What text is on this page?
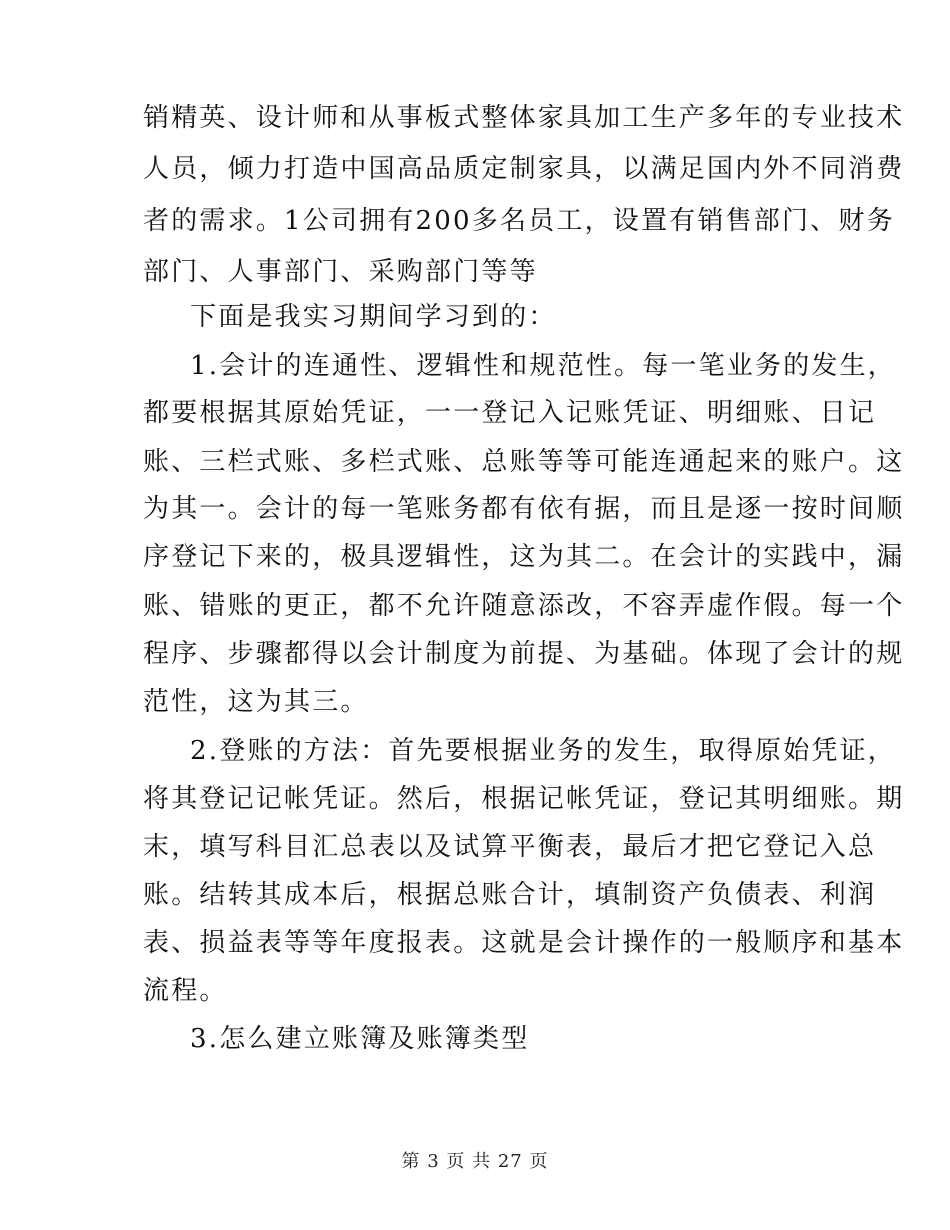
销精英、设计师和从事板式整体家具加工生产多年的专业技术
人员，倾力打造中国高品质定制家具，以满足国内外不同消费
者的需求。1公司拥有200多名员工，设置有销售部门、财务
部门、人事部门、采购部门等等
下面是我实习期间学习到的：
1.会计的连通性、逻辑性和规范性。每一笔业务的发生，
都要根据其原始凭证，一一登记入记账凭证、明细账、日记
账、三栏式账、多栏式账、总账等等可能连通起来的账户。这
为其一。会计的每一笔账务都有依有据，而且是逐一按时间顺
序登记下来的，极具逻辑性，这为其二。在会计的实践中，漏
账、错账的更正，都不允许随意添改，不容弄虚作假。每一个
程序、步骤都得以会计制度为前提、为基础。体现了会计的规
范性，这为其三。
2.登账的方法：首先要根据业务的发生，取得原始凭证，
将其登记记帐凭证。然后，根据记帐凭证，登记其明细账。期
末，填写科目汇总表以及试算平衡表，最后才把它登记入总
账。结转其成本后，根据总账合计，填制资产负债表、利润
表、损益表等等年度报表。这就是会计操作的一般顺序和基本
流程。
3.怎么建立账簿及账簿类型
第 3 页 共 27 页
